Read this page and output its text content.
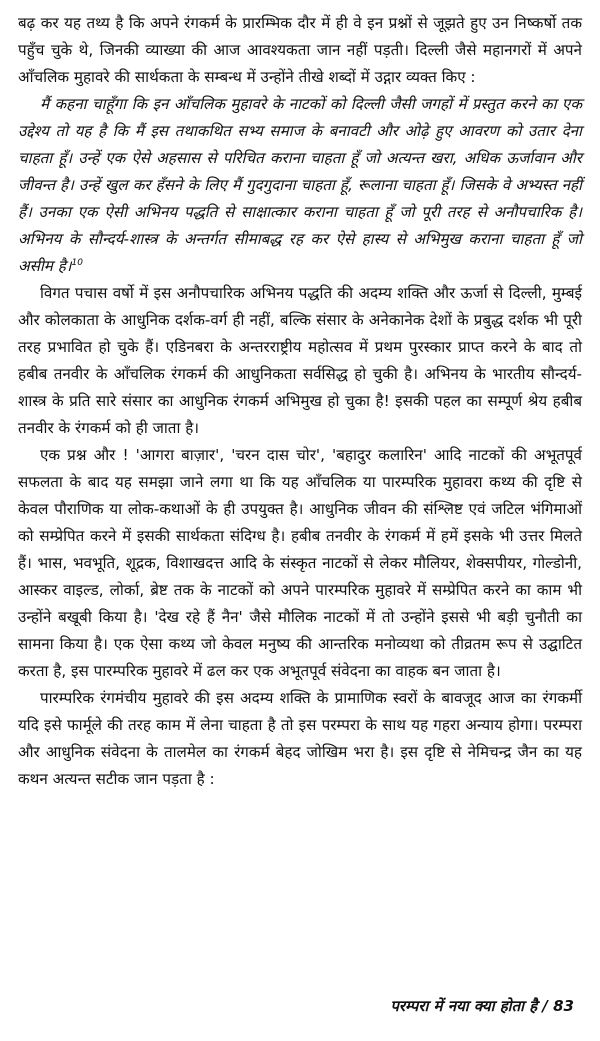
बढ़ कर यह तथ्य है कि अपने रंगकर्म के प्रारम्भिक दौर में ही वे इन प्रश्नों से जूझते हुए उन निष्कर्षो तक पहुँच चुके थे, जिनकी व्याख्या की आज आवश्यकता जान नहीं पड़ती। दिल्ली जैसे महानगरों में अपने आँचलिक मुहावरे की सार्थकता के सम्बन्ध में उन्होंने तीखे शब्दों में उद्गार व्यक्त किए :

मैं कहना चाहूँगा कि इन आँचलिक मुहावरे के नाटकों को दिल्ली जैसी जगहों में प्रस्तुत करने का एक उद्देश्य तो यह है कि मैं इस तथाकथित सभ्य समाज के बनावटी और ओढ़े हुए आवरण को उतार देना चाहता हूँ। उन्हें एक ऐसे अहसास से परिचित कराना चाहता हूँ जो अत्यन्त खरा, अधिक ऊर्जावान और जीवन्त है। उन्हें खुल कर हँसने के लिए मैं गुदगुदाना चाहता हूँ, रूलाना चाहता हूँ। जिसके वे अभ्यस्त नहीं हैं। उनका एक ऐसी अभिनय पद्धति से साक्षात्कार कराना चाहता हूँ जो पूरी तरह से अनौपचारिक है। अभिनय के सौन्दर्य-शास्त्र के अन्तर्गत सीमाबद्ध रह कर ऐसे हास्य से अभिमुख कराना चाहता हूँ जो असीम है।$^{10}$

विगत पचास वर्षो में इस अनौपचारिक अभिनय पद्धति की अदम्य शक्ति और ऊर्जा से दिल्ली, मुम्बई और कोलकाता के आधुनिक दर्शक-वर्ग ही नहीं, बल्कि संसार के अनेकानेक देशों के प्रबुद्ध दर्शक भी पूरी तरह प्रभावित हो चुके हैं। एडिनबरा के अन्तरराष्ट्रीय महोत्सव में प्रथम पुरस्कार प्राप्त करने के बाद तो हबीब तनवीर के आँचलिक रंगकर्म की आधुनिकता सर्वसिद्ध हो चुकी है। अभिनय के भारतीय सौन्दर्य-शास्त्र के प्रति सारे संसार का आधुनिक रंगकर्म अभिमुख हो चुका है! इसकी पहल का सम्पूर्ण श्रेय हबीब तनवीर के रंगकर्म को ही जाता है।

एक प्रश्न और ! 'आगरा बाज़ार', 'चरन दास चोर', 'बहादुर कलारिन' आदि नाटकों की अभूतपूर्व सफलता के बाद यह समझा जाने लगा था कि यह आँचलिक या पारम्परिक मुहावरा कथ्य की दृष्टि से केवल पौराणिक या लोक-कथाओं के ही उपयुक्त है। आधुनिक जीवन की संश्लिष्ट एवं जटिल भंगिमाओं को सम्प्रेपित करने में इसकी सार्थकता संदिग्ध है। हबीब तनवीर के रंगकर्म में हमें इसके भी उत्तर मिलते हैं। भास, भवभूति, शूद्रक, विशाखदत्त आदि के संस्कृत नाटकों से लेकर मौलियर, शेक्सपीयर, गोल्डोनी, आस्कर वाइल्ड, लोर्का, ब्रेष्ट तक के नाटकों को अपने पारम्परिक मुहावरे में सम्प्रेपित करने का काम भी उन्होंने बखूबी किया है। 'देख रहे हैं नैन' जैसे मौलिक नाटकों में तो उन्होंने इससे भी बड़ी चुनौती का सामना किया है। एक ऐसा कथ्य जो केवल मनुष्य की आन्तरिक मनोव्यथा को तीव्रतम रूप से उद्घाटित करता है, इस पारम्परिक मुहावरे में ढल कर एक अभूतपूर्व संवेदना का वाहक बन जाता है।

पारम्परिक रंगमंचीय मुहावरे की इस अदम्य शक्ति के प्रामाणिक स्वरों के बावजूद आज का रंगकर्मी यदि इसे फार्मूले की तरह काम में लेना चाहता है तो इस परम्परा के साथ यह गहरा अन्याय होगा। परम्परा और आधुनिक संवेदना के तालमेल का रंगकर्म बेहद जोखिम भरा है। इस दृष्टि से नेमिचन्द्र जैन का यह कथन अत्यन्त सटीक जान पड़ता है :

परम्परा में नया क्या होता है / 83
